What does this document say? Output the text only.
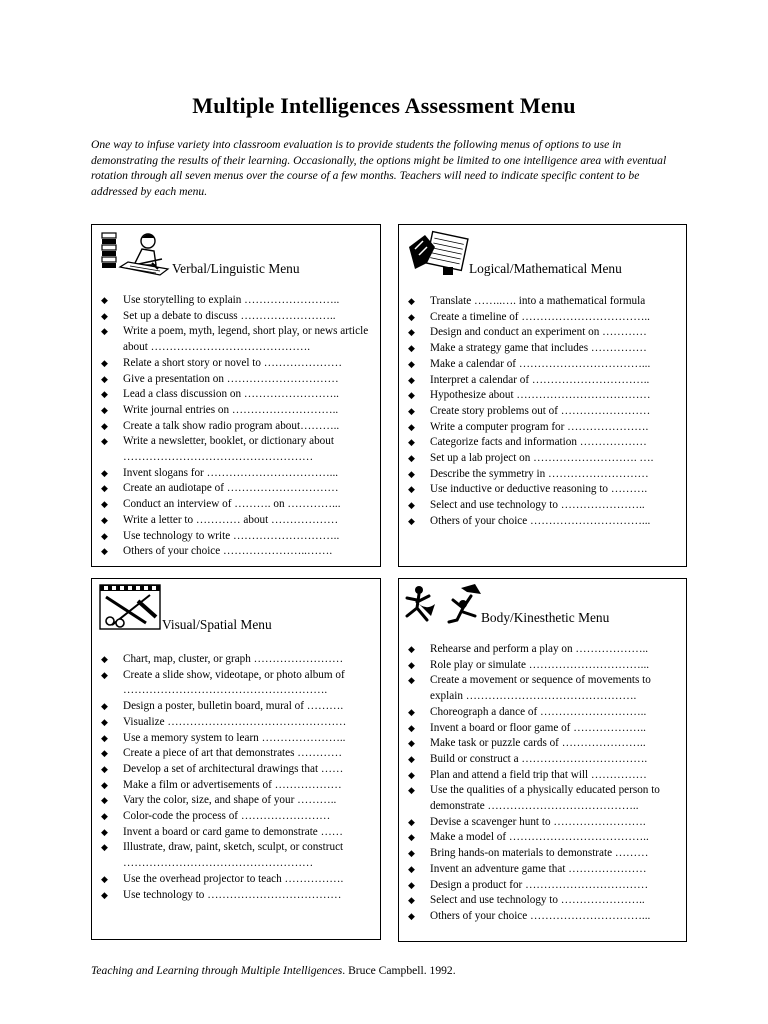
Multiple Intelligences Assessment Menu
One way to infuse variety into classroom evaluation is to provide students the following menus of options to use in demonstrating the results of their learning. Occasionally, the options might be limited to one intelligence area with eventual rotation through all seven menus over the course of a few months. Teachers will need to indicate specific content to be addressed by each menu.
Verbal/Linguistic Menu
◆ Use storytelling to explain ……………………..
◆ Set up a debate to discuss ……………………..
◆ Write a poem, myth, legend, short play, or news article about …………………………………….
◆ Relate a short story or novel to …………………
◆ Give a presentation on …………………………
◆ Lead a class discussion on ……………………..
◆ Write journal entries on ………………………..
◆ Create a talk show radio program about………..
◆ Write a newsletter, booklet, or dictionary about ……………………………………………
◆ Invent slogans for ……………………………...
◆ Create an audiotape of …………………………
◆ Conduct an interview of ………. on …………...
◆ Write a letter to ………… about ………………
◆ Use technology to write ………………………..
◆ Others of your choice …………………..…….
Logical/Mathematical Menu
◆ Translate ……..…. into a mathematical formula
◆ Create a timeline of ……………………………..
◆ Design and conduct an experiment on …………
◆ Make a strategy game that includes ……………
◆ Make a calendar of ……………………………...
◆ Interpret a calendar of …………………………..
◆ Hypothesize about ………………………………
◆ Create story problems out of ……………………
◆ Write a computer program for ………………….
◆ Categorize facts and information ………………
◆ Set up a lab project on ………………………. ….
◆ Describe the symmetry in ………………………
◆ Use inductive or deductive reasoning to ……….
◆ Select and use technology to …………………..
◆ Others of your choice …………………………...
Visual/Spatial Menu
◆ Chart, map, cluster, or graph ……………………
◆ Create a slide show, videotape, or photo album of ……………………………………………….
◆ Design a poster, bulletin board, mural of ……….
◆ Visualize …………………………………………
◆ Use a memory system to learn …………………..
◆ Create a piece of art that demonstrates …………
◆ Develop a set of architectural drawings that ……
◆ Make a film or advertisements of ………………
◆ Vary the color, size, and shape of your ………..
◆ Color-code the process of ……………………
◆ Invent a board or card game to demonstrate ……
◆ Illustrate, draw, paint, sketch, sculpt, or construct ……………………………………………
◆ Use the overhead projector to teach …………….
◆ Use technology to ………………………………
Body/Kinesthetic Menu
◆ Rehearse and perform a play on ………………..
◆ Role play or simulate …………………………...
◆ Create a movement or sequence of movements to explain ……………………………………….
◆ Choreograph a dance of ………………………..
◆ Invent a board or floor game of ………………..
◆ Make task or puzzle cards of …………………..
◆ Build or construct a …………………………….
◆ Plan and attend a field trip that will ……………
◆ Use the qualities of a physically educated person to demonstrate …………………………………..
◆ Devise a scavenger hunt to …………………….
◆ Make a model of ………………………………..
◆ Bring hands-on materials to demonstrate ………
◆ Invent an adventure game that …………………
◆ Design a product for ……………………………
◆ Select and use technology to …………………..
◆ Others of your choice …………………………...
Teaching and Learning through Multiple Intelligences. Bruce Campbell. 1992.
